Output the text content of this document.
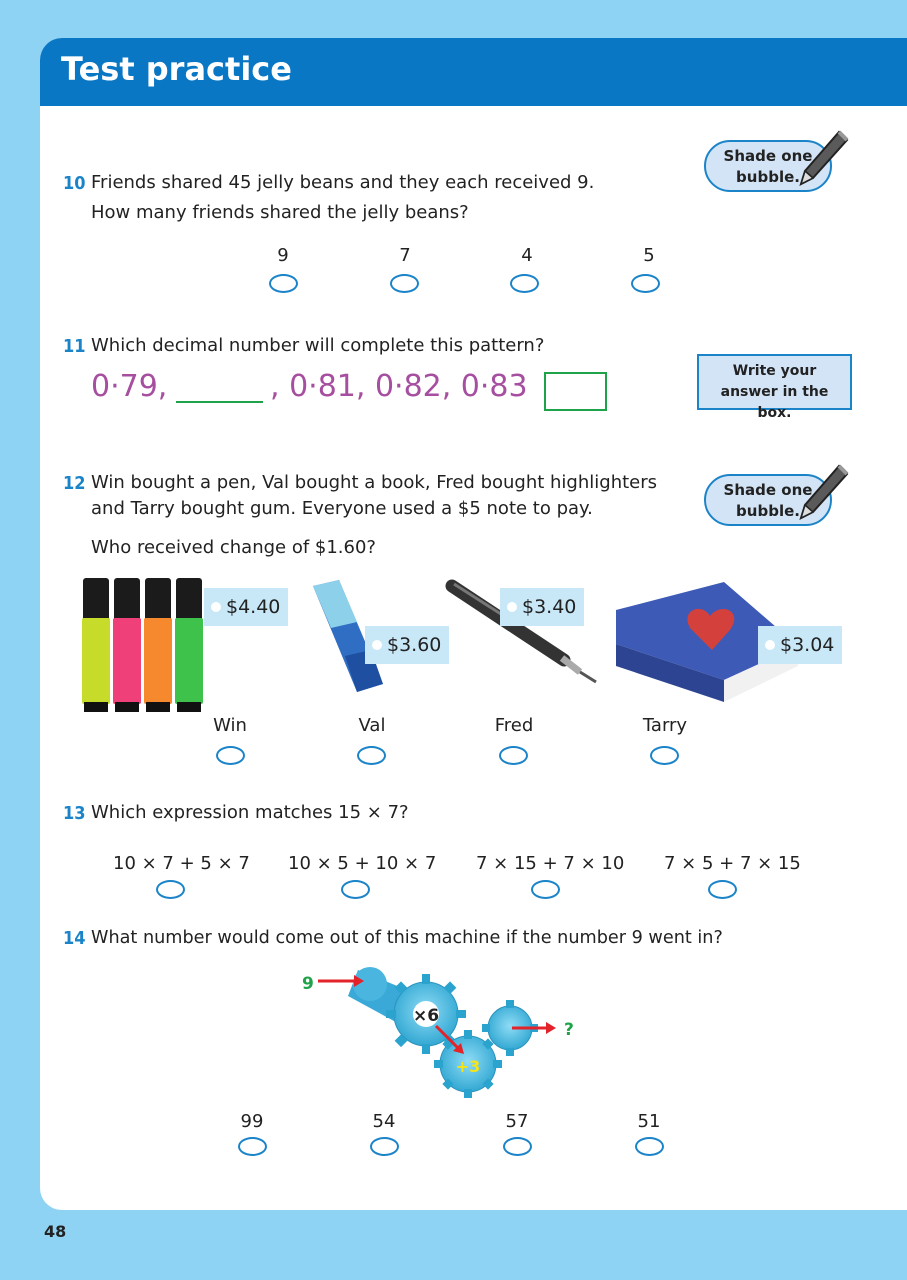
Test practice
10 Friends shared 45 jelly beans and they each received 9.
How many friends shared the jelly beans?
Shade one bubble.
9	7	4	5
11 Which decimal number will complete this pattern?
0·79,	, 0·81, 0·82, 0·83	Write your answer in the box.
12 Win bought a pen, Val bought a book, Fred bought highlighters
and Tarry bought gum. Everyone used a $5 note to pay.
Who received change of $1.60?
Shade one bubble.
$4.40
$3.60
$3.40
$3.04
Win	Val	Fred	Tarry
13 Which expression matches 15 × 7?
10 × 7 + 5 × 7 10 × 5 + 10 × 7 7 × 15 + 7 × 10 7 × 5 + 7 × 15
14 What number would come out of this machine if the number 9 went in?
9
×6
+3
?
99	54	57	51
48
